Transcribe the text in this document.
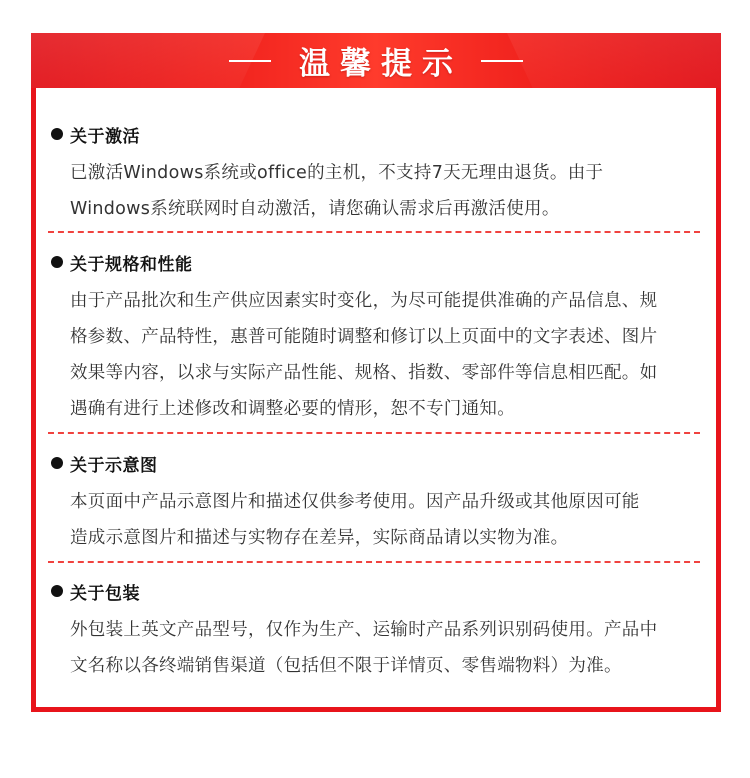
温馨提示
关于激活

已激活Windows系统或office的主机，不支持7天无理由退货。由于

Windows系统联网时自动激活，请您确认需求后再激活使用。

关于规格和性能

由于产品批次和生产供应因素实时变化，为尽可能提供准确的产品信息、规

格参数、产品特性，惠普可能随时调整和修订以上页面中的文字表述、图片

效果等内容，以求与实际产品性能、规格、指数、零部件等信息相匹配。如

遇确有进行上述修改和调整必要的情形，恕不专门通知。

关于示意图

本页面中产品示意图片和描述仅供参考使用。因产品升级或其他原因可能

造成示意图片和描述与实物存在差异，实际商品请以实物为准。

关于包装

外包装上英文产品型号，仅作为生产、运输时产品系列识别码使用。产品中

文名称以各终端销售渠道（包括但不限于详情页、零售端物料）为准。
